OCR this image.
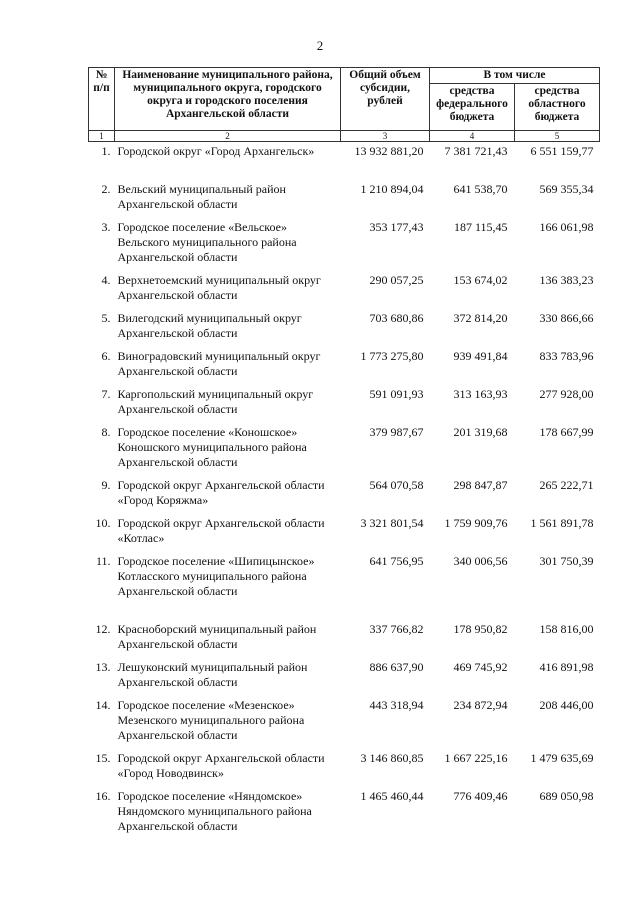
2
№ п/п	Наименование муниципального района, муниципального округа, городского округа и городского поселения Архангельской области	Общий объем субсидии, рублей	В том числе	
			средства федерального бюджета	средства областного бюджета
1	2	3	4	5
1.	Городской округ «Город Архангельск»	13 932 881,20	7 381 721,43	6 551 159,77
2.	Вельский муниципальный район Архангельской области	1 210 894,04	641 538,70	569 355,34
3.	Городское поселение «Вельское» Вельского муниципального района Архангельской области	353 177,43	187 115,45	166 061,98
4.	Верхнетоемский муниципальный округ Архангельской области	290 057,25	153 674,02	136 383,23
5.	Вилегодский муниципальный округ Архангельской области	703 680,86	372 814,20	330 866,66
6.	Виноградовский муниципальный округ Архангельской области	1 773 275,80	939 491,84	833 783,96
7.	Каргопольский муниципальный округ Архангельской области	591 091,93	313 163,93	277 928,00
8.	Городское поселение «Коношское» Коношского муниципального района Архангельской области	379 987,67	201 319,68	178 667,99
9.	Городской округ Архангельской области «Город Коряжма»	564 070,58	298 847,87	265 222,71
10.	Городской округ Архангельской области «Котлас»	3 321 801,54	1 759 909,76	1 561 891,78
11.	Городское поселение «Шипицынское» Котласского муниципального района Архангельской области	641 756,95	340 006,56	301 750,39
12.	Красноборский муниципальный район Архангельской области	337 766,82	178 950,82	158 816,00
13.	Лешуконский муниципальный район Архангельской области	886 637,90	469 745,92	416 891,98
14.	Городское поселение «Мезенское» Мезенского муниципального района Архангельской области	443 318,94	234 872,94	208 446,00
15.	Городской округ Архангельской области «Город Новодвинск»	3 146 860,85	1 667 225,16	1 479 635,69
16.	Городское поселение «Няндомское» Няндомского муниципального района Архангельской области	1 465 460,44	776 409,46	689 050,98
